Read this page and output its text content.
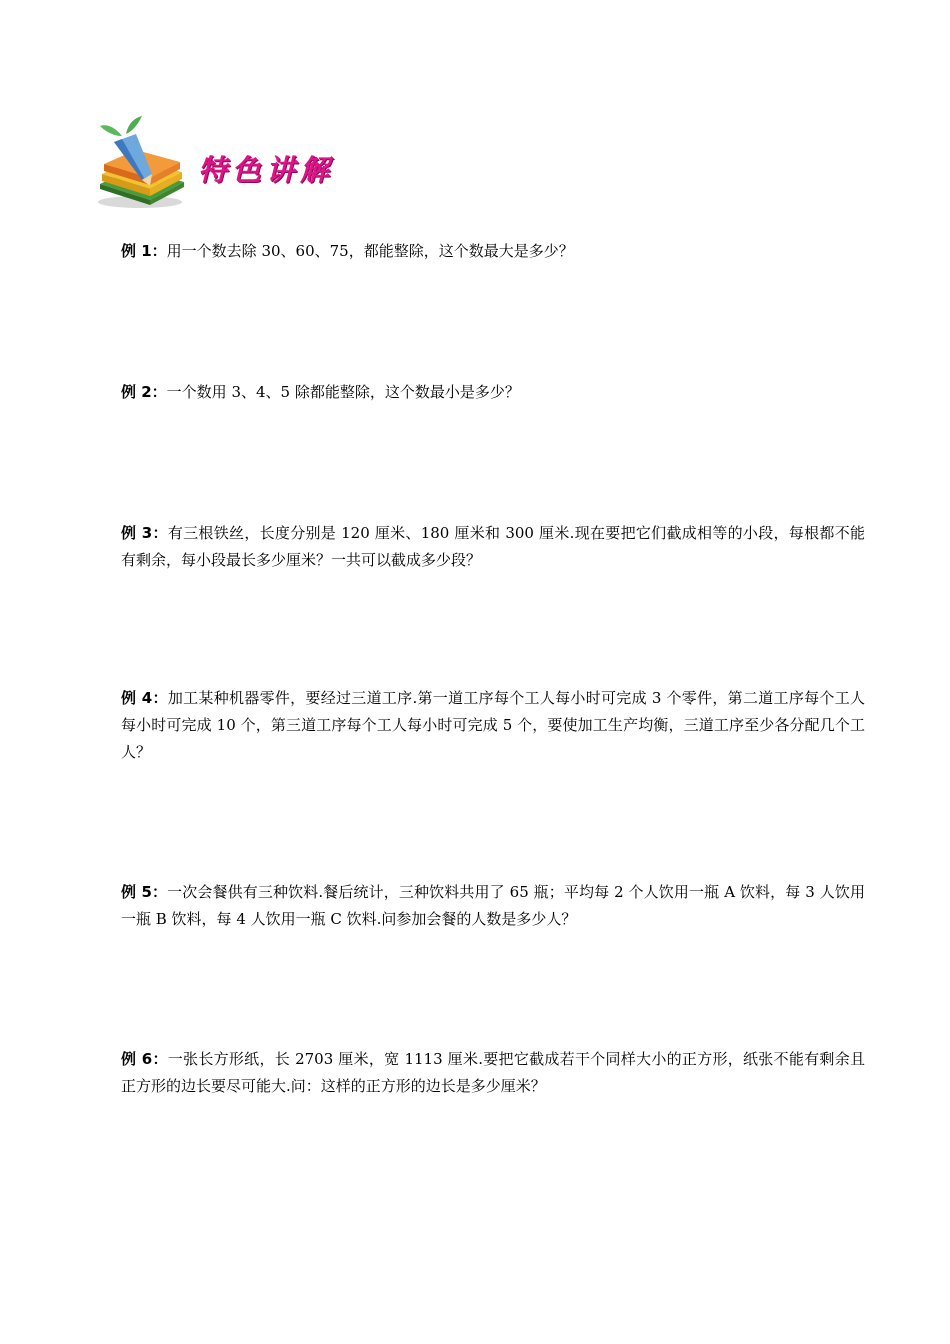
特色讲解
例 1：用一个数去除 30、60、75，都能整除，这个数最大是多少？
例 2：一个数用 3、4、5 除都能整除，这个数最小是多少？
例 3：有三根铁丝，长度分别是 120 厘米、180 厘米和 300 厘米.现在要把它们截成相等的小段，每根都不能有剩余，每小段最长多少厘米？一共可以截成多少段？
例 4：加工某种机器零件，要经过三道工序.第一道工序每个工人每小时可完成 3 个零件，第二道工序每个工人每小时可完成 10 个，第三道工序每个工人每小时可完成 5 个，要使加工生产均衡，三道工序至少各分配几个工人？
例 5：一次会餐供有三种饮料.餐后统计，三种饮料共用了 65 瓶；平均每 2 个人饮用一瓶 A 饮料，每 3 人饮用一瓶 B 饮料，每 4 人饮用一瓶 C 饮料.问参加会餐的人数是多少人？
例 6：一张长方形纸，长 2703 厘米，宽 1113 厘米.要把它截成若干个同样大小的正方形，纸张不能有剩余且正方形的边长要尽可能大.问：这样的正方形的边长是多少厘米？
